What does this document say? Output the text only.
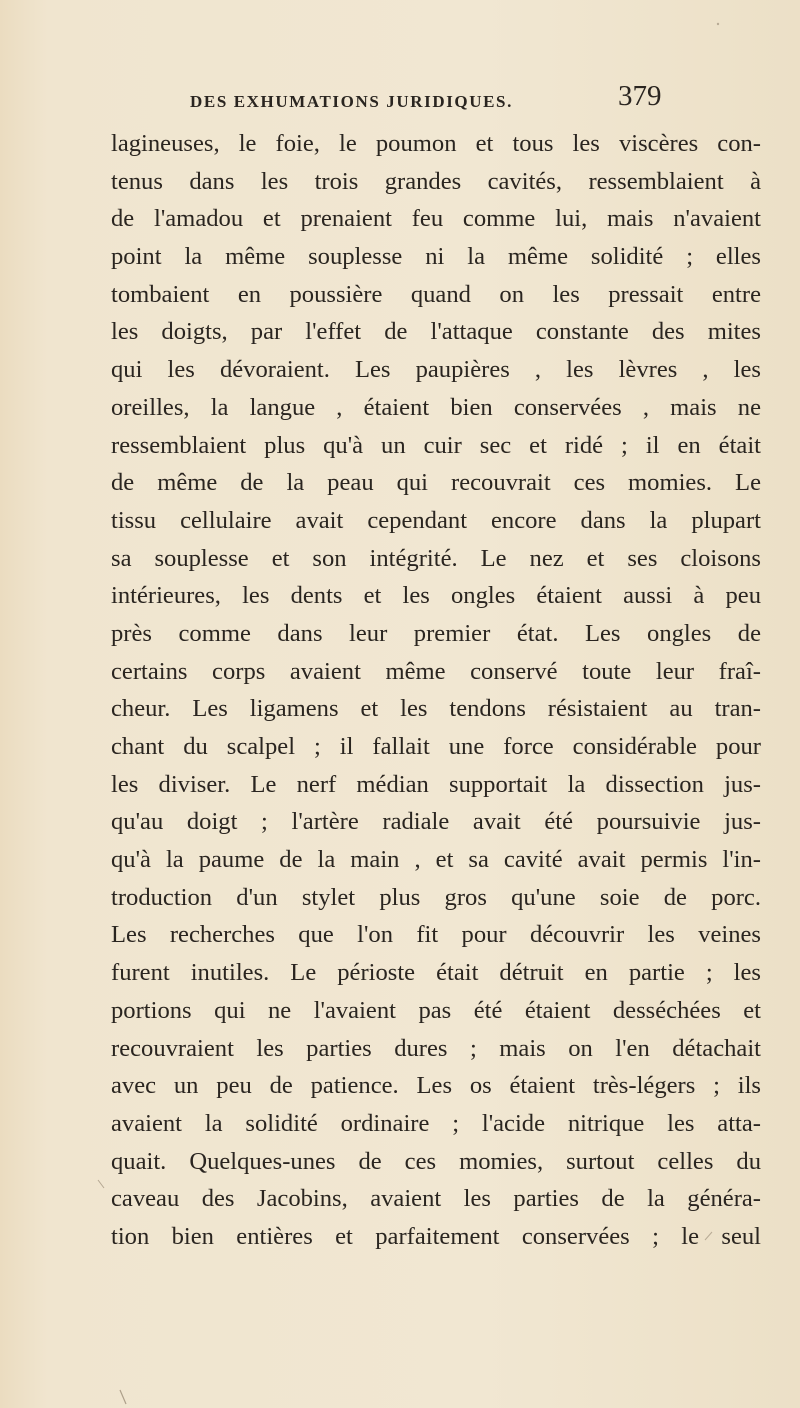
DES EXHUMATIONS JURIDIQUES.	379
lagineuses, le foie, le poumon et tous les viscères con-
tenus dans les trois grandes cavités, ressemblaient à
de l'amadou et prenaient feu comme lui, mais n'avaient
point la même souplesse ni la même solidité ; elles
tombaient en poussière quand on les pressait entre
les doigts, par l'effet de l'attaque constante des mites
qui les dévoraient. Les paupières , les lèvres , les
oreilles, la langue , étaient bien conservées , mais ne
ressemblaient plus qu'à un cuir sec et ridé ; il en était
de même de la peau qui recouvrait ces momies. Le
tissu cellulaire avait cependant encore dans la plupart
sa souplesse et son intégrité. Le nez et ses cloisons
intérieures, les dents et les ongles étaient aussi à peu
près comme dans leur premier état. Les ongles de
certains corps avaient même conservé toute leur fraî-
cheur. Les ligamens et les tendons résistaient au tran-
chant du scalpel ; il fallait une force considérable pour
les diviser. Le nerf médian supportait la dissection jus-
qu'au doigt ; l'artère radiale avait été poursuivie jus-
qu'à la paume de la main , et sa cavité avait permis l'in-
troduction d'un stylet plus gros qu'une soie de porc.
Les recherches que l'on fit pour découvrir les veines
furent inutiles. Le périoste était détruit en partie ; les
portions qui ne l'avaient pas été étaient desséchées et
recouvraient les parties dures ; mais on l'en détachait
avec un peu de patience. Les os étaient très-légers ; ils
avaient la solidité ordinaire ; l'acide nitrique les atta-
quait. Quelques-unes de ces momies, surtout celles du
caveau des Jacobins, avaient les parties de la généra-
tion bien entières et parfaitement conservées ; le seul
